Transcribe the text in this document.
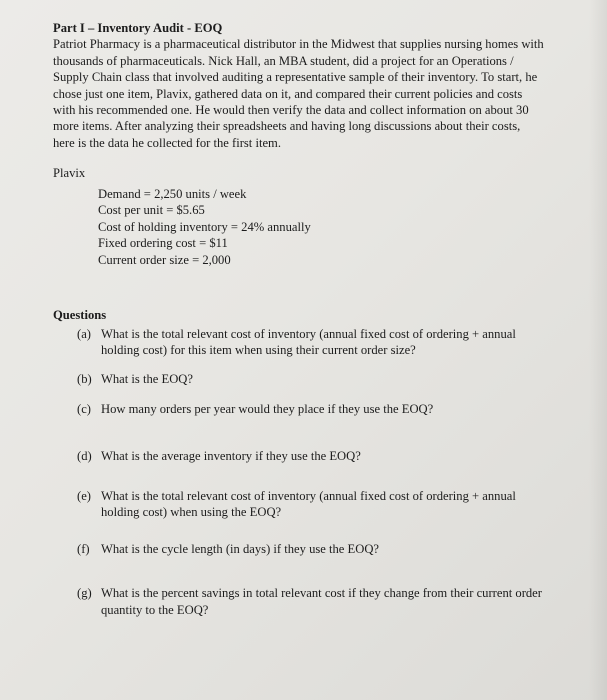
Part I – Inventory Audit - EOQ
Patriot Pharmacy is a pharmaceutical distributor in the Midwest that supplies nursing homes with
thousands of pharmaceuticals. Nick Hall, an MBA student, did a project for an Operations /
Supply Chain class that involved auditing a representative sample of their inventory. To start, he
chose just one item, Plavix, gathered data on it, and compared their current policies and costs
with his recommended one. He would then verify the data and collect information on about 30
more items. After analyzing their spreadsheets and having long discussions about their costs,
here is the data he collected for the first item.
Plavix
Demand = 2,250 units / week
Cost per unit = $5.65
Cost of holding inventory = 24% annually
Fixed ordering cost = $11
Current order size = 2,000
Questions
(a) What is the total relevant cost of inventory (annual fixed cost of ordering + annual
holding cost) for this item when using their current order size?
(b) What is the EOQ?
(c) How many orders per year would they place if they use the EOQ?
(d) What is the average inventory if they use the EOQ?
(e) What is the total relevant cost of inventory (annual fixed cost of ordering + annual
holding cost) when using the EOQ?
(f) What is the cycle length (in days) if they use the EOQ?
(g) What is the percent savings in total relevant cost if they change from their current order
quantity to the EOQ?
